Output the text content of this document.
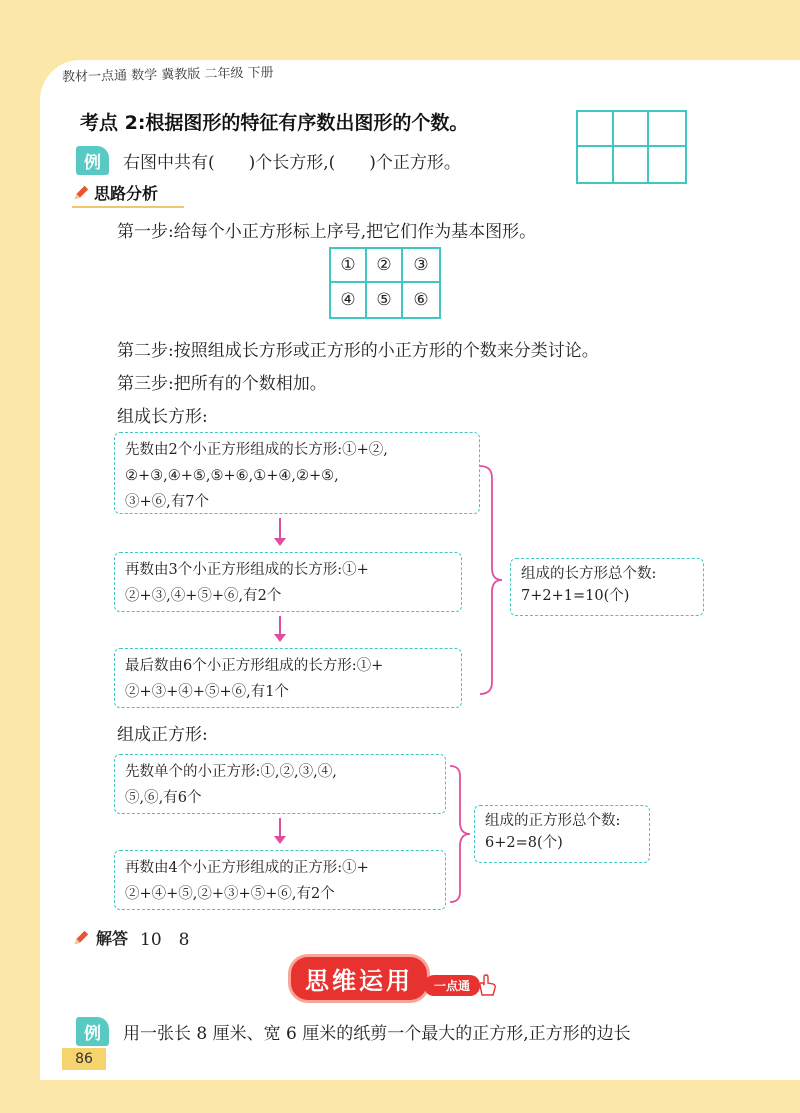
教材一点通 数学 冀教版 二年级 下册
考点 2:根据图形的特征有序数出图形的个数。
例	右图中共有(　　)个长方形,(　　)个正方形。
思路分析
第一步:给每个小正方形标上序号,把它们作为基本图形。
①	②	③
④	⑤	⑥
第二步:按照组成长方形或正方形的小正方形的个数来分类讨论。
第三步:把所有的个数相加。
组成长方形:
先数由2个小正方形组成的长方形:①+②,
②+③,④+⑤,⑤+⑥,①+④,②+⑤,
③+⑥,有7个
再数由3个小正方形组成的长方形:①+
②+③,④+⑤+⑥,有2个
最后数由6个小正方形组成的长方形:①+
②+③+④+⑤+⑥,有1个
组成的长方形总个数:
7+2+1=10(个)
组成正方形:
先数单个的小正方形:①,②,③,④,
⑤,⑥,有6个
再数由4个小正方形组成的正方形:①+
②+④+⑤,②+③+⑤+⑥,有2个
组成的正方形总个数:
6+2=8(个)
解答 10　8
思维运用	一点通
例	用一张长 8 厘米、宽 6 厘米的纸剪一个最大的正方形,正方形的边长
86
